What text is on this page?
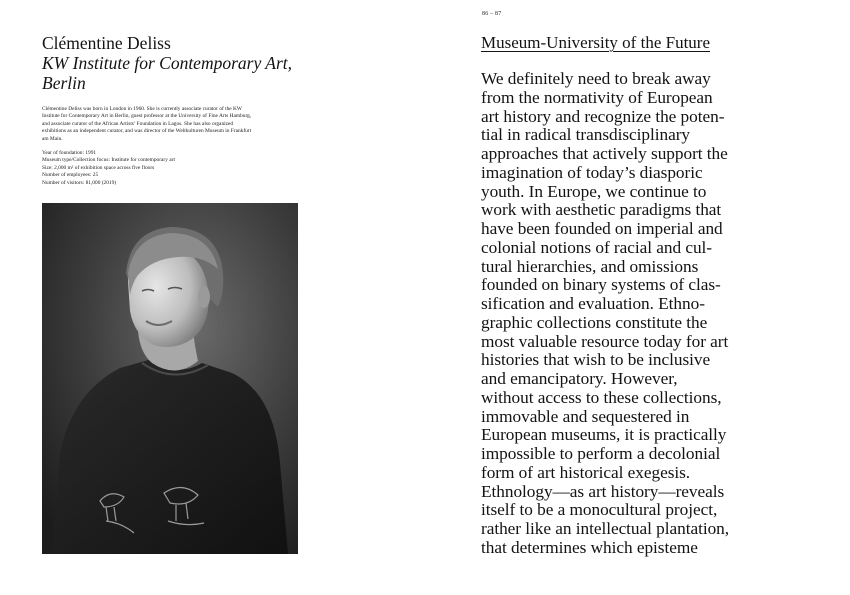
86 – 87
Clémentine Deliss
KW Institute for Contemporary Art,
Berlin
Clémentine Deliss was born in London in 1960. She is currently associate curator of the KW
Institute for Contemporary Art in Berlin, guest professor at the University of Fine Arts Hamburg,
and associate curator of the African Artists’ Foundation in Lagos. She has also organized
exhibitions as an independent curator, and was director of the Weltkulturen Museum in Frankfurt
am Main.
Year of foundation: 1991
Museum type/Collection focus: Institute for contemporary art
Size: 2,000 m² of exhibition space across five floors
Number of employees: 25
Number of visitors: 81,000 (2019)
Museum-University of the Future
We definitely need to break away
from the normativity of European
art history and recognize the poten-
tial in radical transdisciplinary
approaches that actively support the
imagination of today’s diasporic
youth. In Europe, we continue to
work with aesthetic paradigms that
have been founded on imperial and
colonial notions of racial and cul-
tural hierarchies, and omissions
founded on binary systems of clas-
sification and evaluation. Ethno-
graphic collections constitute the
most valuable resource today for art
histories that wish to be inclusive
and emancipatory. However,
without access to these collections,
immovable and sequestered in
European museums, it is practically
impossible to perform a decolonial
form of art historical exegesis.
Ethnology—as art history—reveals
itself to be a monocultural project,
rather like an intellectual plantation,
that determines which episteme
